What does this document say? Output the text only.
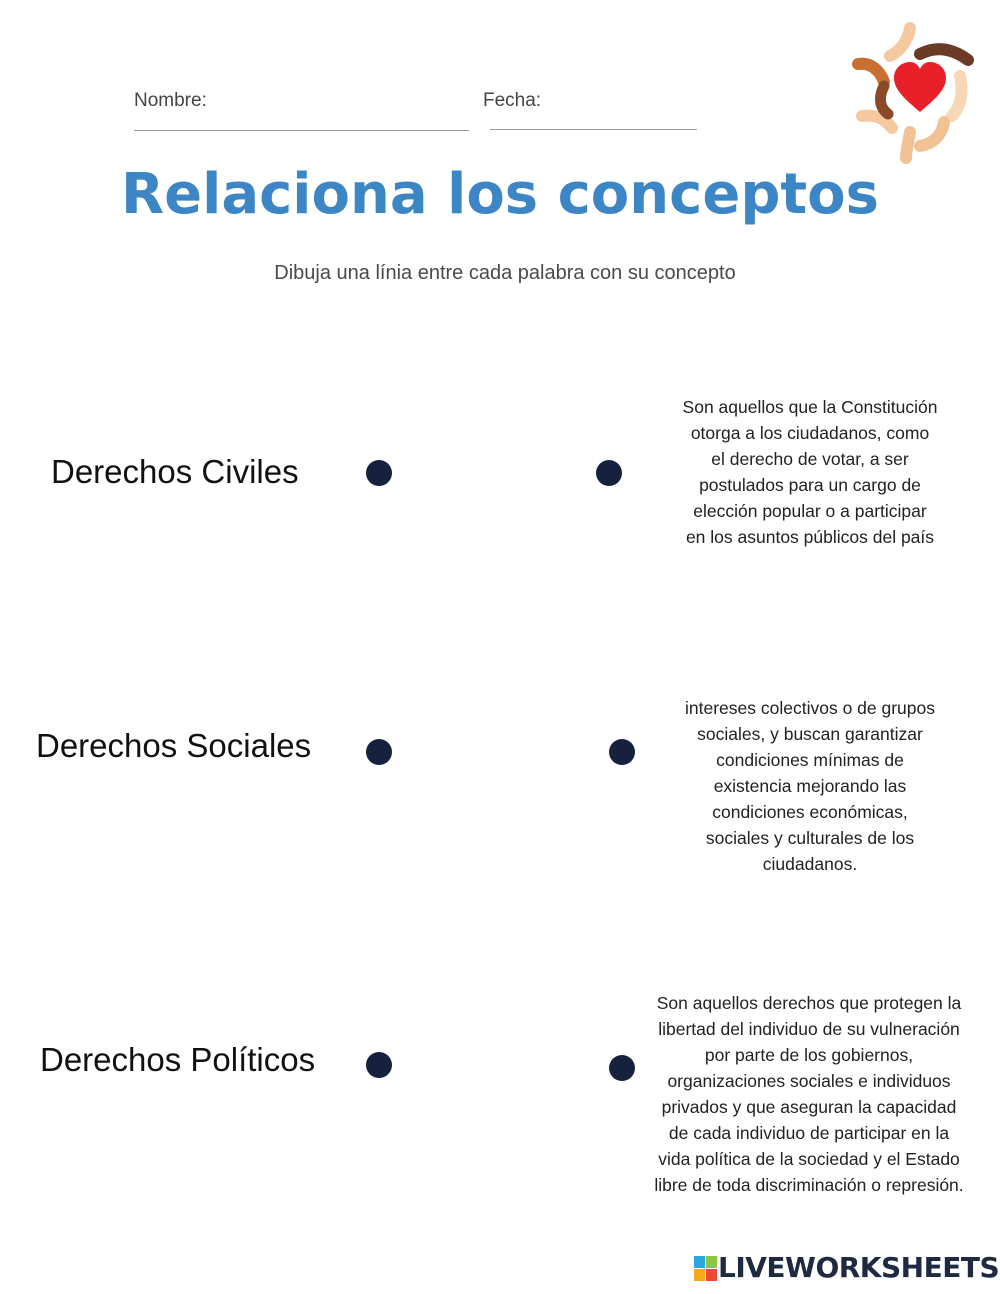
Nombre:	Fecha:
Relaciona los conceptos
Dibuja una línia entre cada palabra con su concepto
Derechos Civiles
Son aquellos que la Constitución
otorga a los ciudadanos, como
el derecho de votar, a ser
postulados para un cargo de
elección popular o a participar
en los asuntos públicos del país
Derechos Sociales
intereses colectivos o de grupos
sociales, y buscan garantizar
condiciones mínimas de
existencia mejorando las
condiciones económicas,
sociales y culturales de los
ciudadanos.
Derechos Políticos
Son aquellos derechos que protegen la
libertad del individuo de su vulneración
por parte de los gobiernos,
organizaciones sociales e individuos
privados y que aseguran la capacidad
de cada individuo de participar en la
vida política de la sociedad y el Estado
libre de toda discriminación o represión.
LIVEWORKSHEETS
